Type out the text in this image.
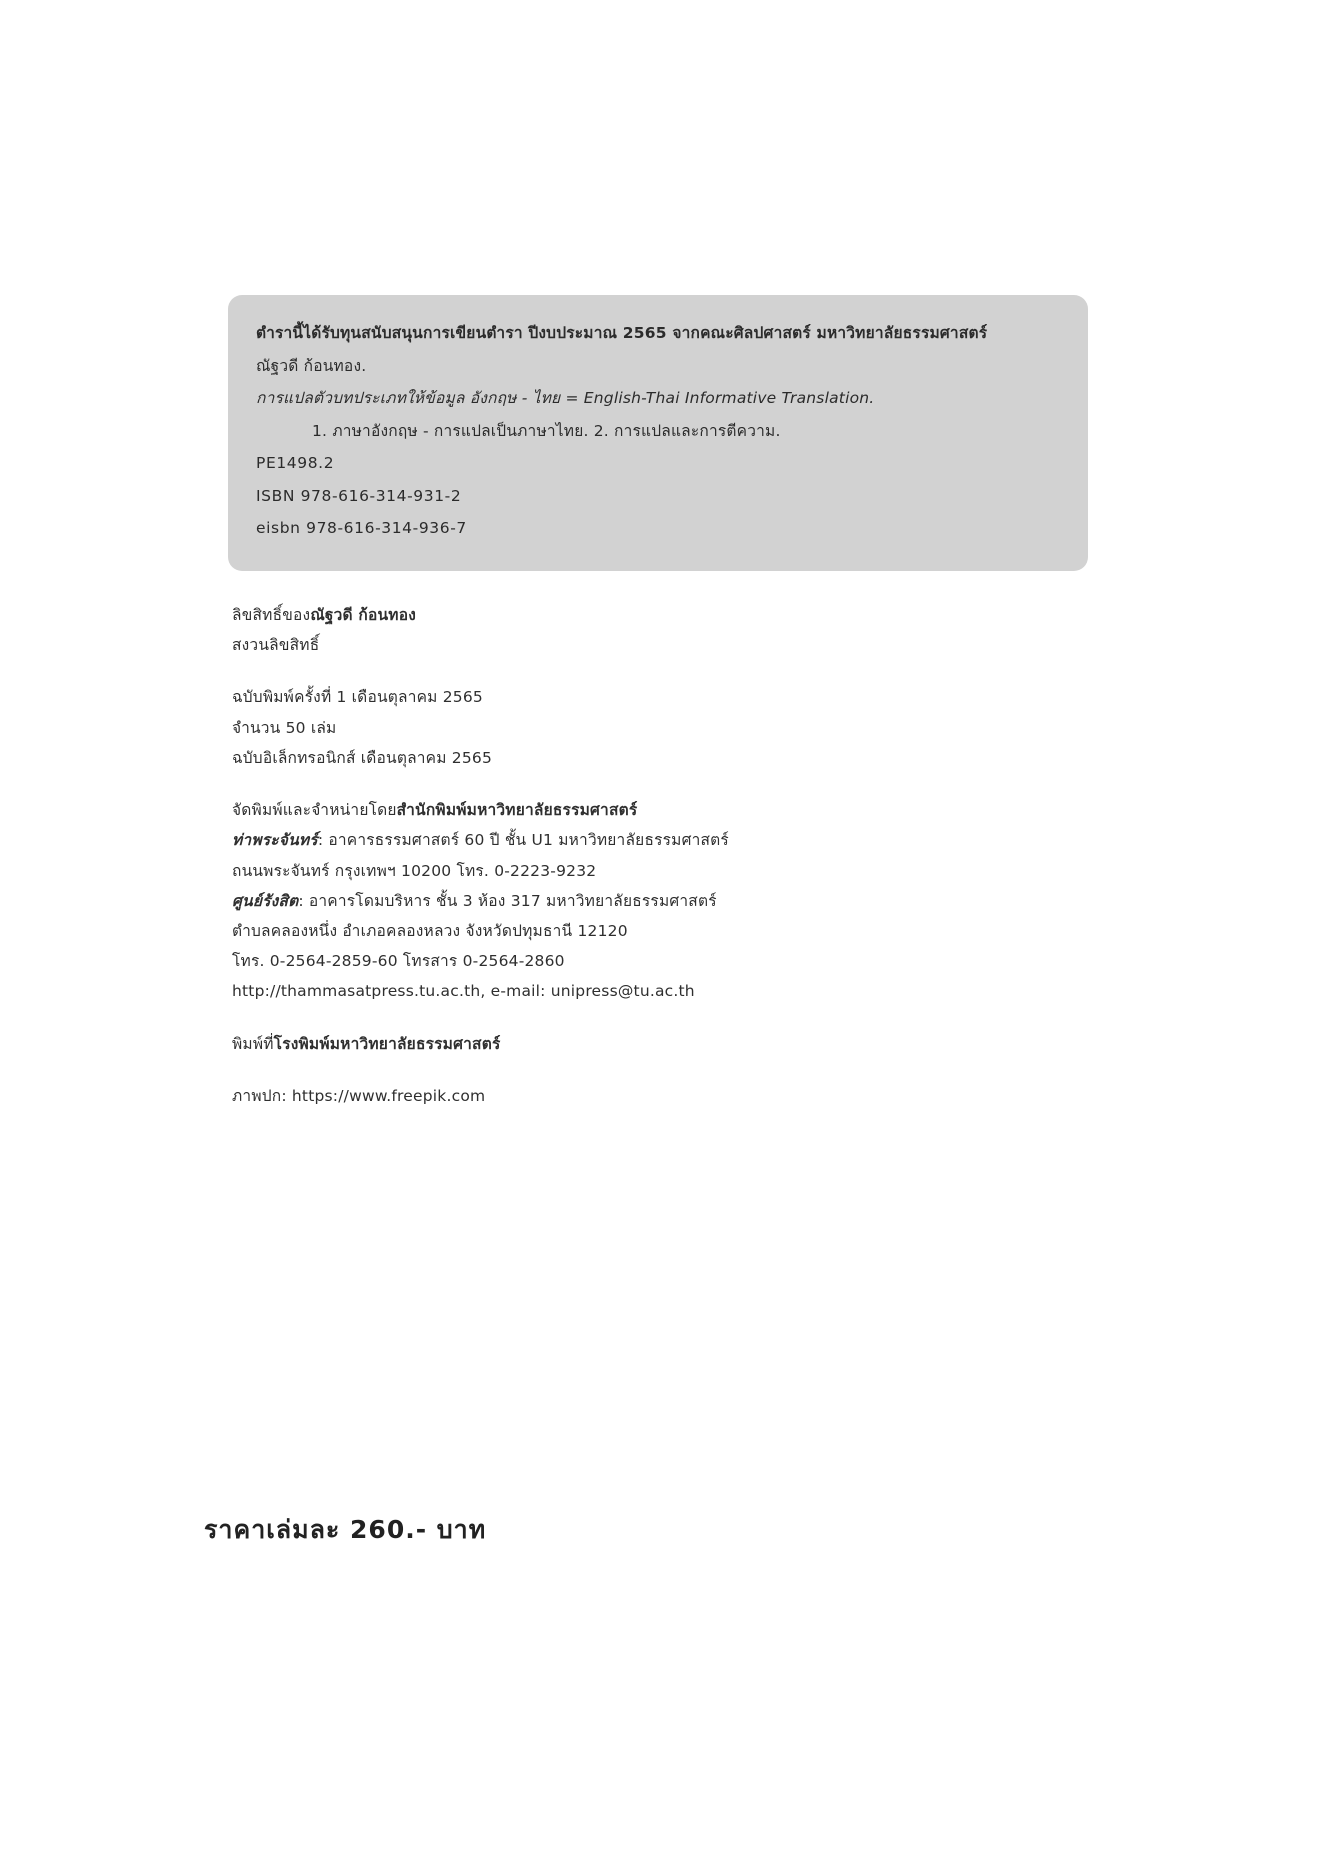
ตำรานี้ได้รับทุนสนับสนุนการเขียนตำรา ปีงบประมาณ 2565 จากคณะศิลปศาสตร์ มหาวิทยาลัยธรรมศาสตร์
ณัฐวดี ก้อนทอง.
การแปลตัวบทประเภทให้ข้อมูล อังกฤษ - ไทย = English-Thai Informative Translation.
1. ภาษาอังกฤษ - การแปลเป็นภาษาไทย. 2. การแปลและการตีความ.
PE1498.2
ISBN 978-616-314-931-2
eisbn 978-616-314-936-7
ลิขสิทธิ์ของณัฐวดี ก้อนทอง
สงวนลิขสิทธิ์
ฉบับพิมพ์ครั้งที่ 1 เดือนตุลาคม 2565
จำนวน 50 เล่ม
ฉบับอิเล็กทรอนิกส์ เดือนตุลาคม 2565
จัดพิมพ์และจำหน่ายโดยสำนักพิมพ์มหาวิทยาลัยธรรมศาสตร์
ท่าพระจันทร์: อาคารธรรมศาสตร์ 60 ปี ชั้น U1 มหาวิทยาลัยธรรมศาสตร์
ถนนพระจันทร์ กรุงเทพฯ 10200 โทร. 0-2223-9232
ศูนย์รังสิต: อาคารโดมบริหาร ชั้น 3 ห้อง 317 มหาวิทยาลัยธรรมศาสตร์
ตำบลคลองหนึ่ง อำเภอคลองหลวง จังหวัดปทุมธานี 12120
โทร. 0-2564-2859-60 โทรสาร 0-2564-2860
http://thammasatpress.tu.ac.th, e-mail: unipress@tu.ac.th
พิมพ์ที่โรงพิมพ์มหาวิทยาลัยธรรมศาสตร์
ภาพปก: https://www.freepik.com
ราคาเล่มละ 260.- บาท
